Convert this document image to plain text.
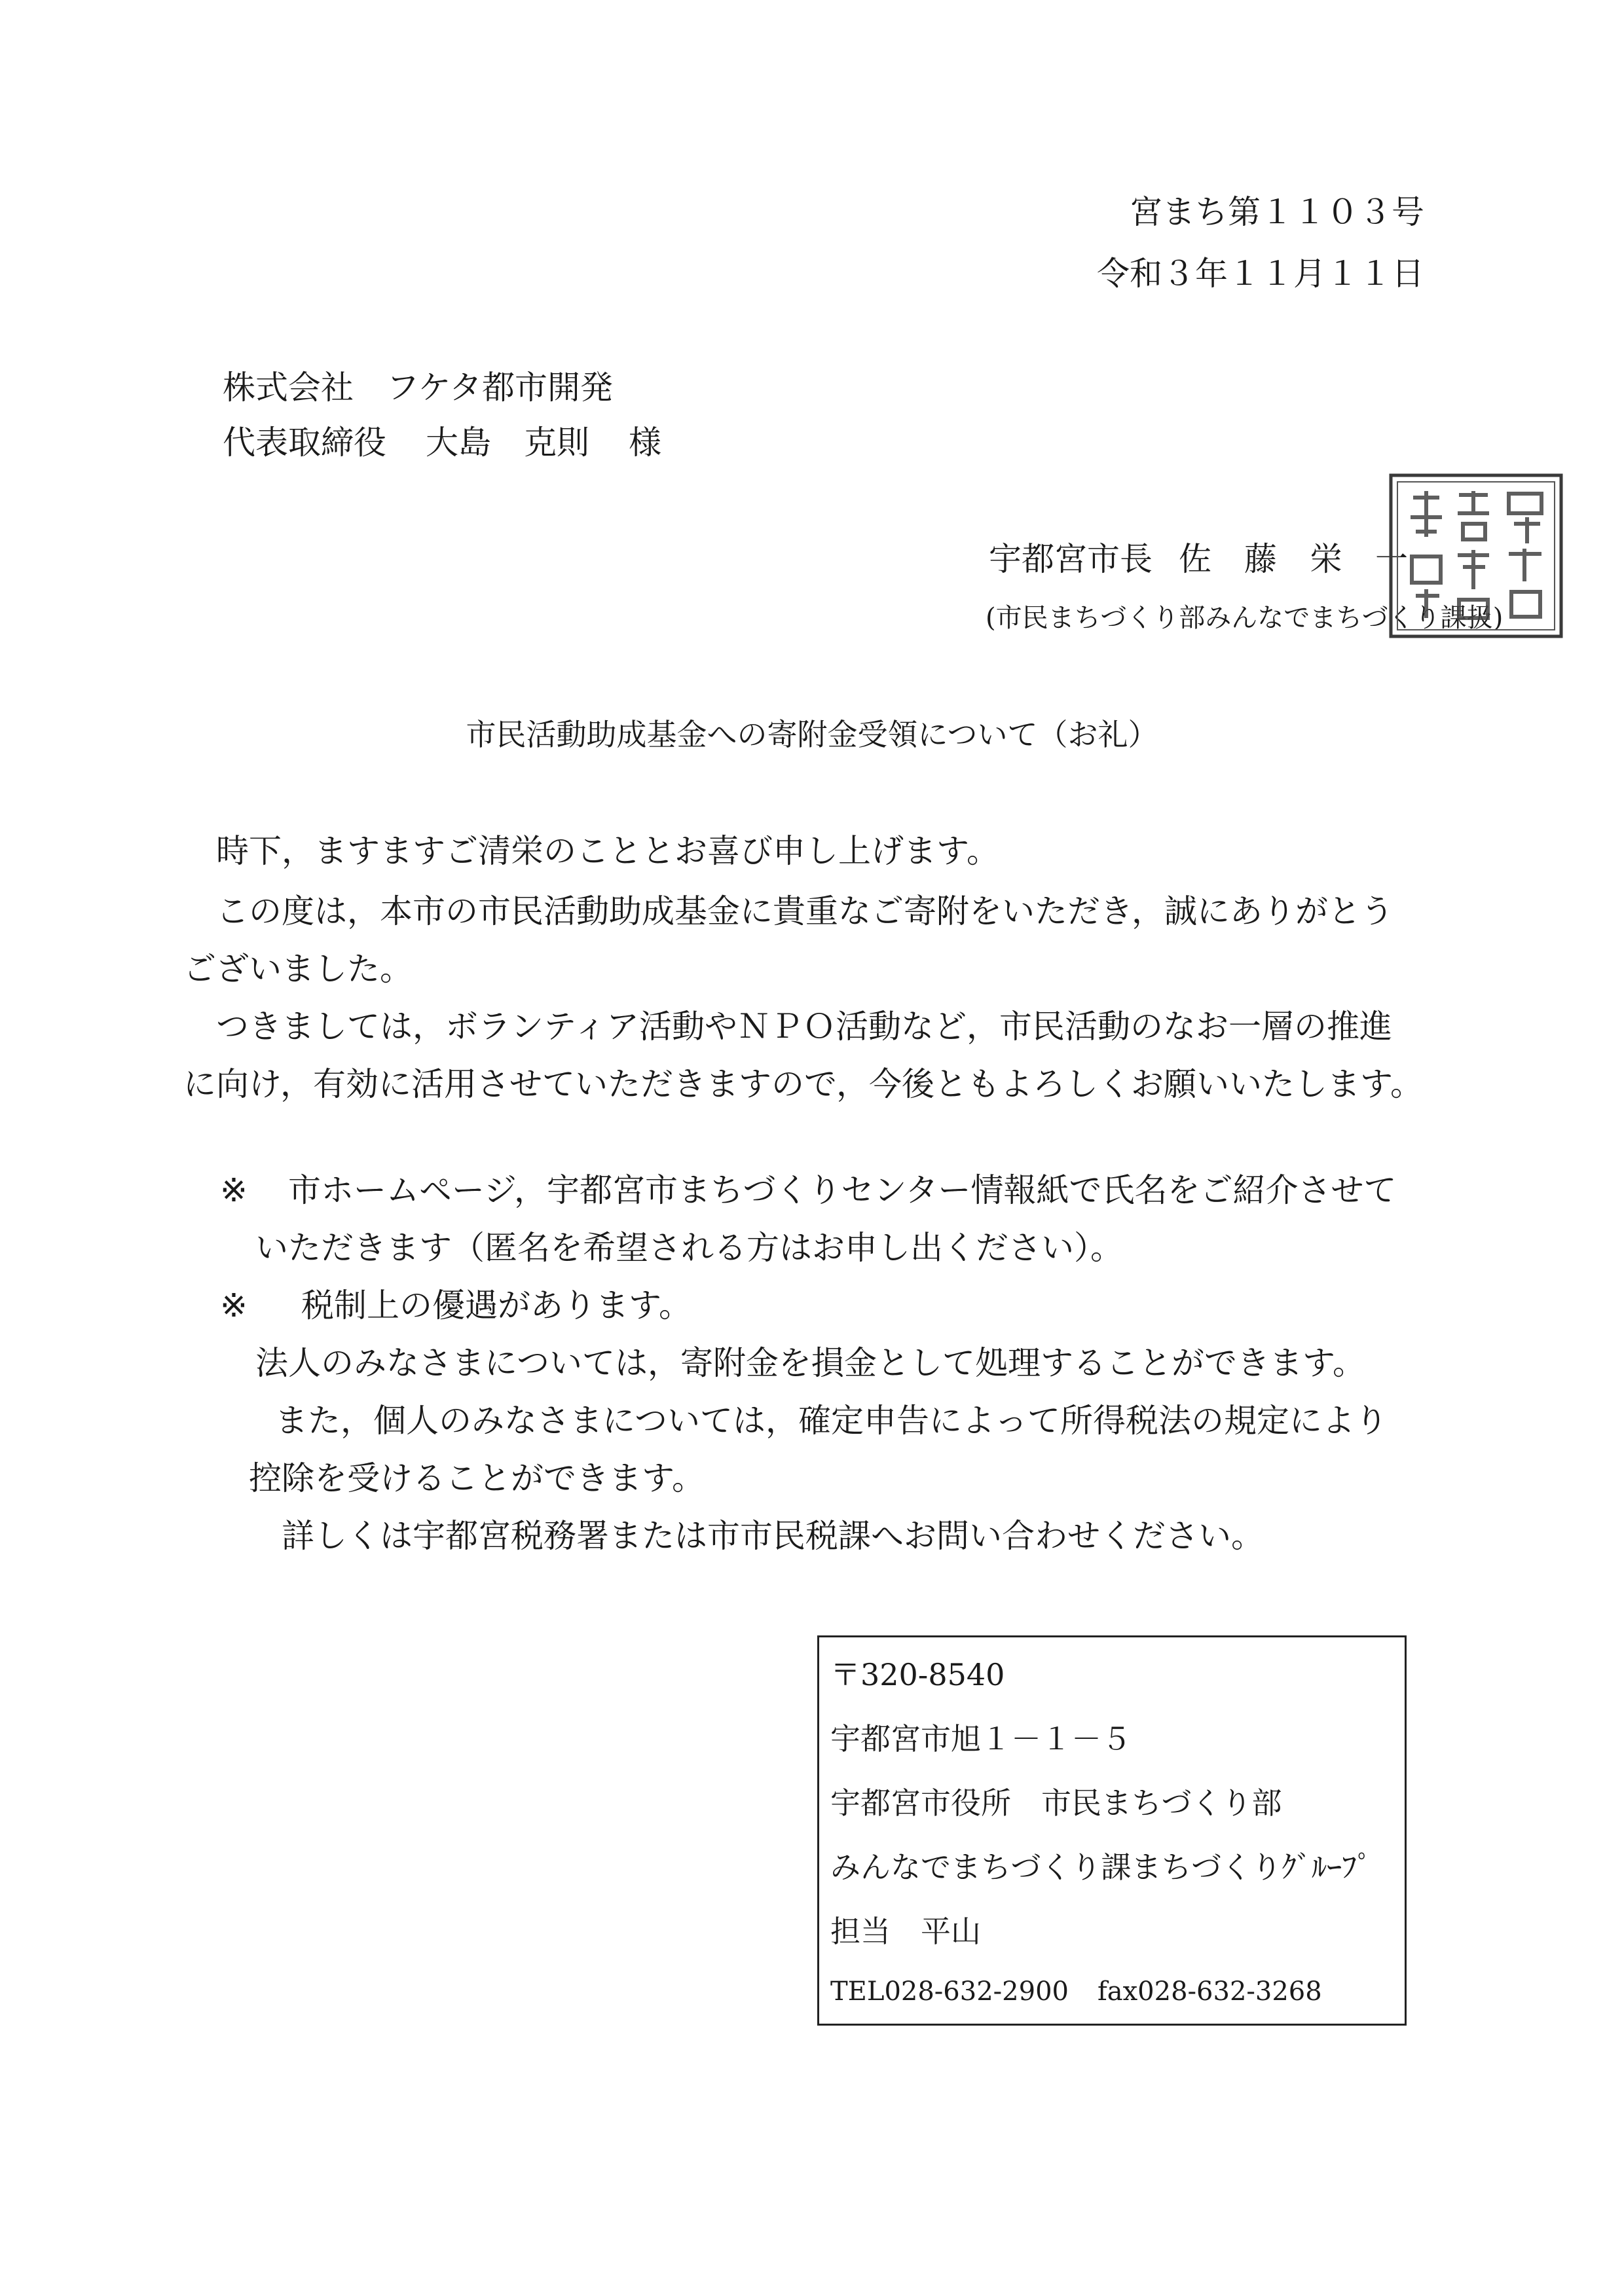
宮まち第１１０３号
令和３年１１月１１日
株式会社　フケタ都市開発
代表取締役 大島　克則 様
宇都宮市長 佐　藤　栄　一
(市民まちづくり部みんなでまちづくり課扱)
市民活動助成基金への寄附金受領について（お礼）
時下，ますますご清栄のこととお喜び申し上げます。
この度は，本市の市民活動助成基金に貴重なご寄附をいただき，誠にありがとう
ございました。
つきましては，ボランティア活動やＮＰＯ活動など，市民活動のなお一層の推進
に向け，有効に活用させていただきますので，今後ともよろしくお願いいたします。
※ 市ホームページ，宇都宮市まちづくりセンター情報紙で氏名をご紹介させて
いただきます（匿名を希望される方はお申し出ください）。
※ 税制上の優遇があります。
法人のみなさまについては，寄附金を損金として処理することができます。
また，個人のみなさまについては，確定申告によって所得税法の規定により
控除を受けることができます。
詳しくは宇都宮税務署または市市民税課へお問い合わせください。
〒320-8540
宇都宮市旭１－１－５
宇都宮市役所　市民まちづくり部
みんなでまちづくり課まちづくりｸﾞﾙｰﾌﾟ
担当 平山
TEL028-632-2900 fax028-632-3268
